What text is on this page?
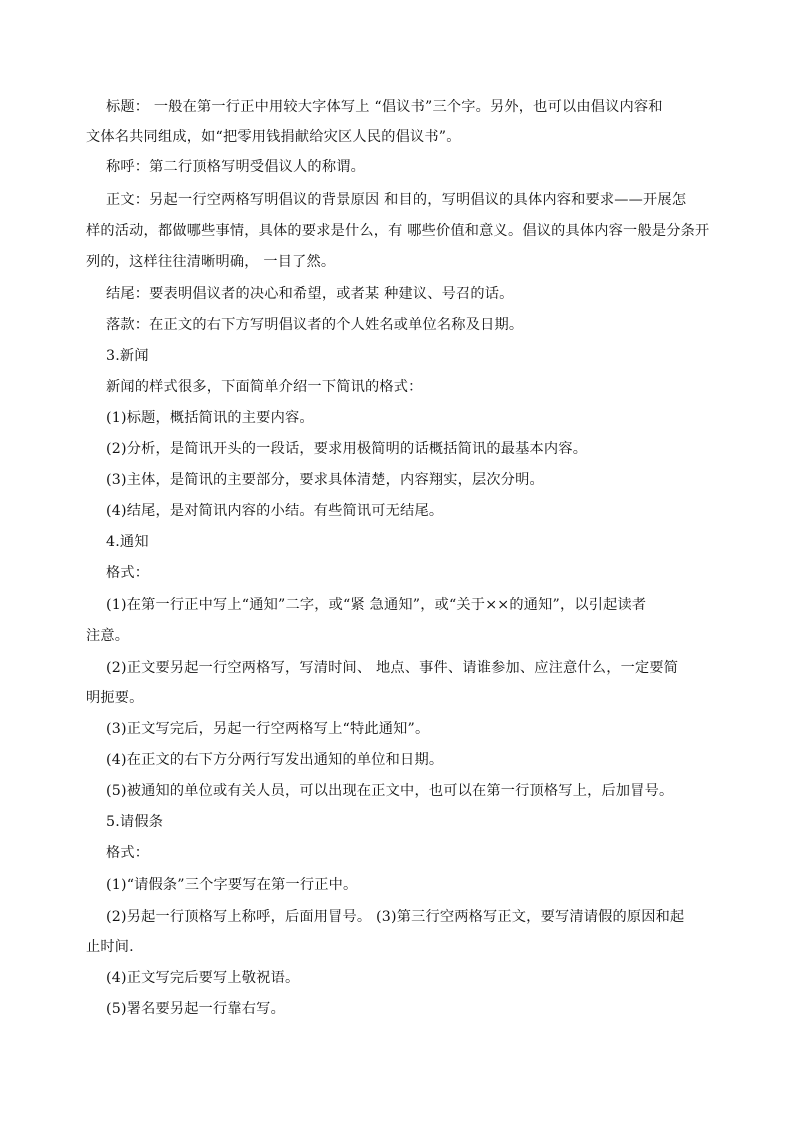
标题： 一般在第一行正中用较大字体写上 “倡议书”三个字。另外，也可以由倡议内容和
文体名共同组成，如“把零用钱捐献给灾区人民的倡议书”。
称呼：第二行顶格写明受倡议人的称谓。
正文：另起一行空两格写明倡议的背景原因 和目的，写明倡议的具体内容和要求——开展怎
样的活动，都做哪些事情，具体的要求是什么，有 哪些价值和意义。倡议的具体内容一般是分条开
列的，这样往往清晰明确， 一目了然。
结尾：要表明倡议者的决心和希望，或者某 种建议、号召的话。
落款：在正文的右下方写明倡议者的个人姓名或单位名称及日期。
3.新闻
新闻的样式很多，下面简单介绍一下简讯的格式：
(1)标题，概括简讯的主要内容。
(2)分析，是简讯开头的一段话，要求用极简明的话概括简讯的最基本内容。
(3)主体，是简讯的主要部分，要求具体清楚，内容翔实，层次分明。
(4)结尾，是对简讯内容的小结。有些简讯可无结尾。
4.通知
格式：
(1)在第一行正中写上“通知”二字，或“紧 急通知”，或“关于××的通知”，以引起读者
注意。
(2)正文要另起一行空两格写，写清时间、 地点、事件、请谁参加、应注意什么，一定要简
明扼要。
(3)正文写完后，另起一行空两格写上“特此通知”。
(4)在正文的右下方分两行写发出通知的单位和日期。
(5)被通知的单位或有关人员，可以出现在正文中，也可以在第一行顶格写上，后加冒号。
5.请假条
格式：
(1)“请假条”三个字要写在第一行正中。
(2)另起一行顶格写上称呼，后面用冒号。 (3)第三行空两格写正文，要写清请假的原因和起
止时间.
(4)正文写完后要写上敬祝语。
(5)署名要另起一行靠右写。
